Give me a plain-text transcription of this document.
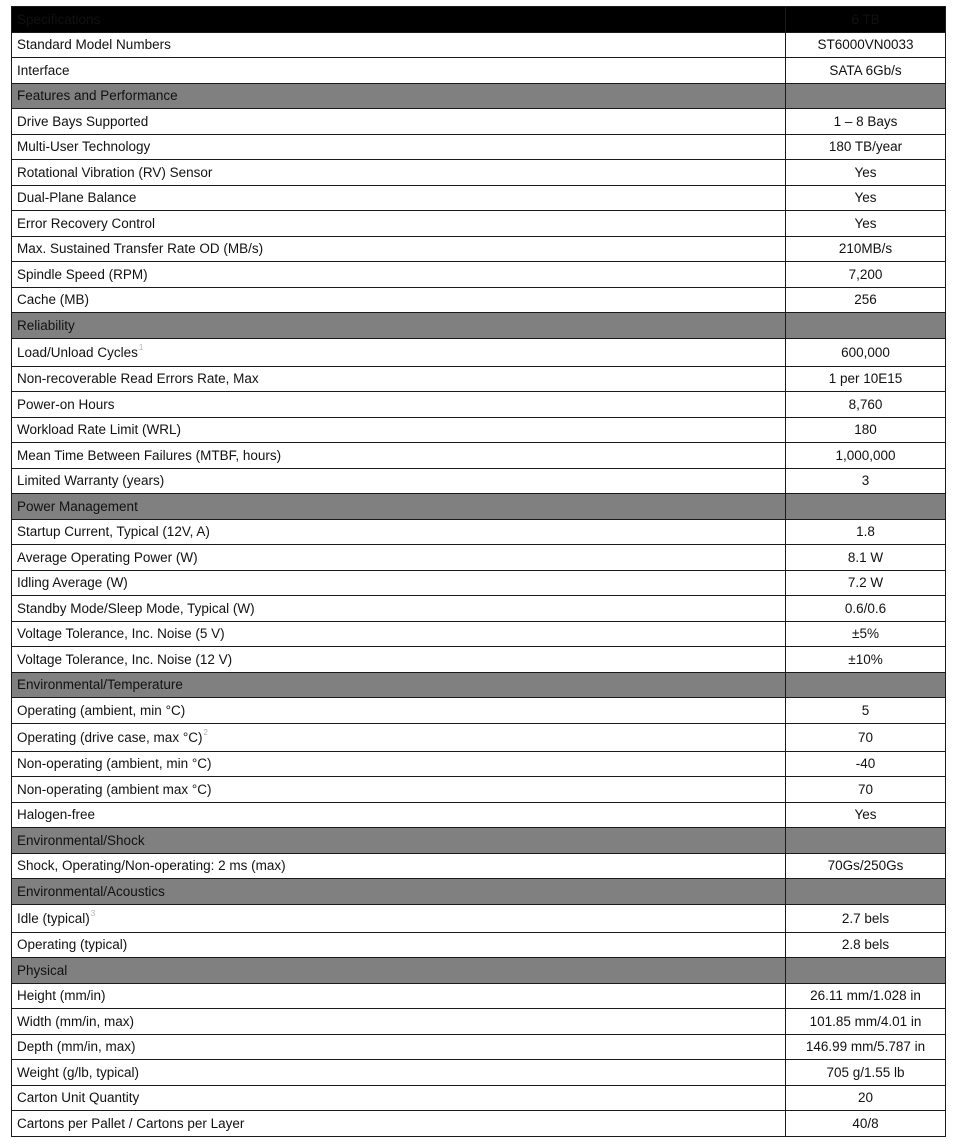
Specifications	6 TB
Standard Model Numbers	ST6000VN0033
Interface	SATA 6Gb/s
Features and Performance	
Drive Bays Supported	1 – 8 Bays
Multi-User Technology	180 TB/year
Rotational Vibration (RV) Sensor	Yes
Dual-Plane Balance	Yes
Error Recovery Control	Yes
Max. Sustained Transfer Rate OD (MB/s)	210MB/s
Spindle Speed (RPM)	7,200
Cache (MB)	256
Reliability	
Load/Unload Cycles$^1$	600,000
Non-recoverable Read Errors Rate, Max	1 per 10E15
Power-on Hours	8,760
Workload Rate Limit (WRL)	180
Mean Time Between Failures (MTBF, hours)	1,000,000
Limited Warranty (years)	3
Power Management	
Startup Current, Typical (12V, A)	1.8
Average Operating Power (W)	8.1 W
Idling Average (W)	7.2 W
Standby Mode/Sleep Mode, Typical (W)	0.6/0.6
Voltage Tolerance, Inc. Noise (5 V)	±5%
Voltage Tolerance, Inc. Noise (12 V)	±10%
Environmental/Temperature	
Operating (ambient, min °C)	5
Operating (drive case, max °C)$^2$	70
Non-operating (ambient, min °C)	-40
Non-operating (ambient max °C)	70
Halogen-free	Yes
Environmental/Shock	
Shock, Operating/Non-operating: 2 ms (max)	70Gs/250Gs
Environmental/Acoustics	
Idle (typical)$^3$	2.7 bels
Operating (typical)	2.8 bels
Physical	
Height (mm/in)	26.11 mm/1.028 in
Width (mm/in, max)	101.85 mm/4.01 in
Depth (mm/in, max)	146.99 mm/5.787 in
Weight (g/lb, typical)	705 g/1.55 lb
Carton Unit Quantity	20
Cartons per Pallet / Cartons per Layer	40/8
